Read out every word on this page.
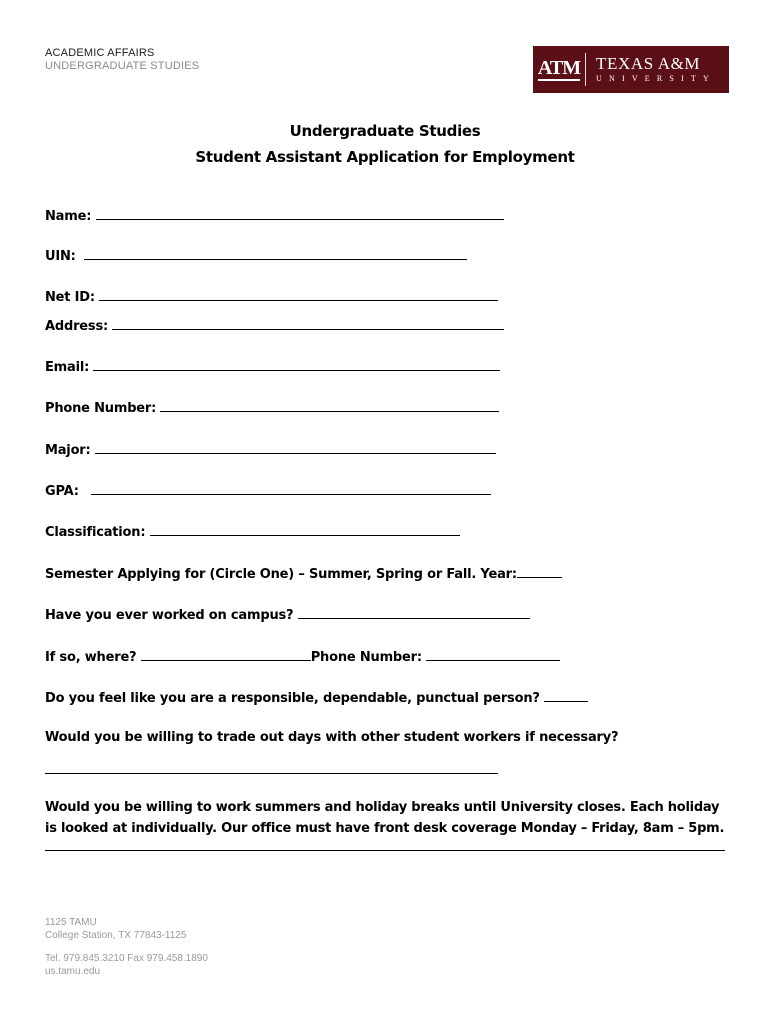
ACADEMIC AFFAIRS
UNDERGRADUATE STUDIES	ATM TEXAS A&M
UNIVERSITY
Undergraduate Studies
Student Assistant Application for Employment
Name:
UIN:
Net ID:
Address:
Email:
Phone Number:
Major:
GPA:
Classification:
Semester Applying for (Circle One) – Summer, Spring or Fall. Year:
Have you ever worked on campus?
If so, where?	Phone Number:
Do you feel like you are a responsible, dependable, punctual person?
Would you be willing to trade out days with other student workers if necessary?
Would you be willing to work summers and holiday breaks until University closes. Each holiday is looked at individually. Our office must have front desk coverage Monday – Friday, 8am – 5pm.
1125 TAMU
College Station, TX 77843-1125
Tel. 979.845.3210 Fax 979.458.1890
us.tamu.edu
